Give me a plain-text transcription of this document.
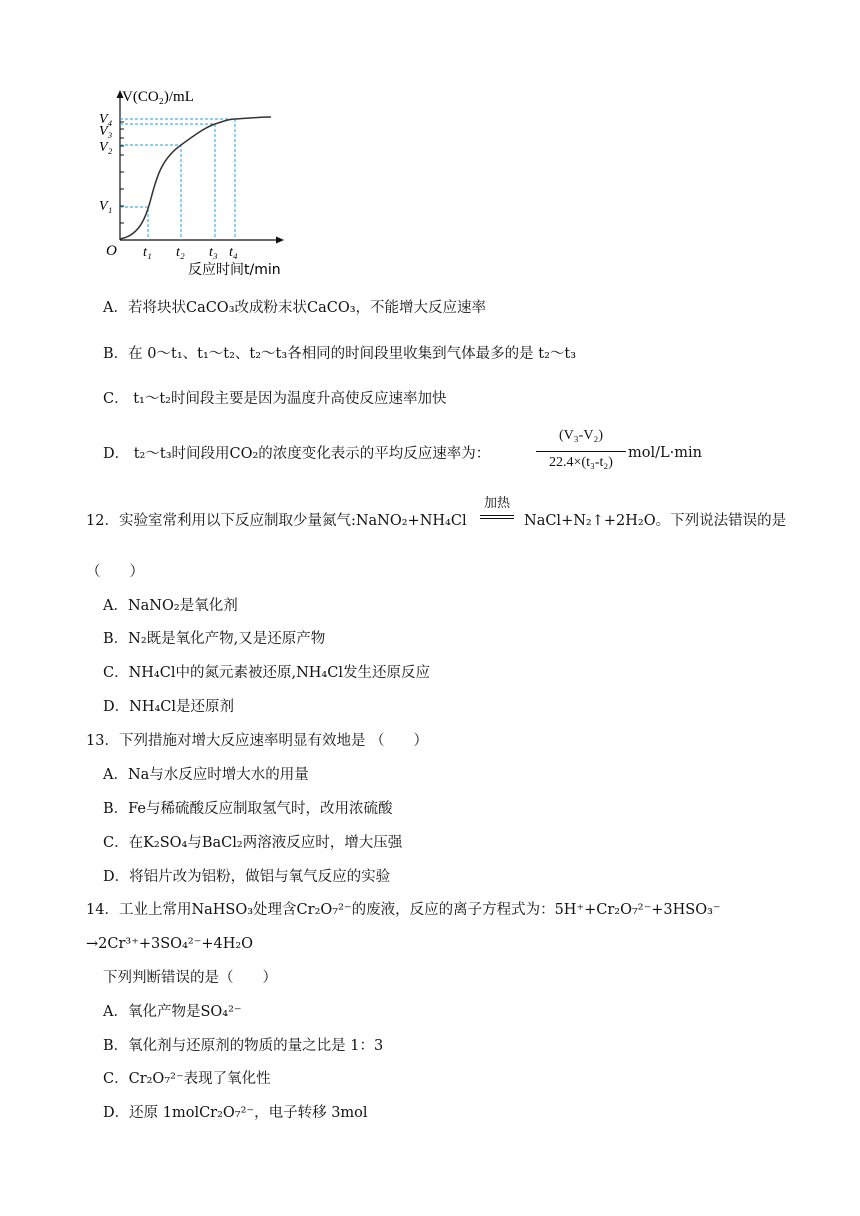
V(CO₂)/mL
V₄
V₃
V₂
V₁
O t₁ t₂ t₃ t₄
反应时间t/min
A．若将块状CaCO₃改成粉末状CaCO₃，不能增大反应速率
B．在 0～t₁、t₁～t₂、t₂～t₃各相同的时间段里收集到气体最多的是 t₂～t₃
C． t₁～t₂时间段主要是因为温度升高使反应速率加快
D． t₂～t₃时间段用CO₂的浓度变化表示的平均反应速率为：
(V₃-V₂)
22.4×(t₃-t₂)
mol/L·min
12．实验室常利用以下反应制取少量氮气:NaNO₂+NH₄Cl
加热
NaCl+N₂↑+2H₂O。下列说法错误的是
（　　）
A．NaNO₂是氧化剂
B．N₂既是氧化产物,又是还原产物
C．NH₄Cl中的氮元素被还原,NH₄Cl发生还原反应
D．NH₄Cl是还原剂
13．下列措施对增大反应速率明显有效地是 （　　）
A．Na与水反应时增大水的用量
B．Fe与稀硫酸反应制取氢气时，改用浓硫酸
C．在K₂SO₄与BaCl₂两溶液反应时，增大压强
D．将铝片改为铝粉，做铝与氧气反应的实验
14．工业上常用NaHSO₃处理含Cr₂O₇²⁻的废液，反应的离子方程式为：5H⁺+Cr₂O₇²⁻+3HSO₃⁻
→2Cr³⁺+3SO₄²⁻+4H₂O
下列判断错误的是（　　）
A．氧化产物是SO₄²⁻
B．氧化剂与还原剂的物质的量之比是 1：3
C．Cr₂O₇²⁻表现了氧化性
D．还原 1molCr₂O₇²⁻，电子转移 3mol
